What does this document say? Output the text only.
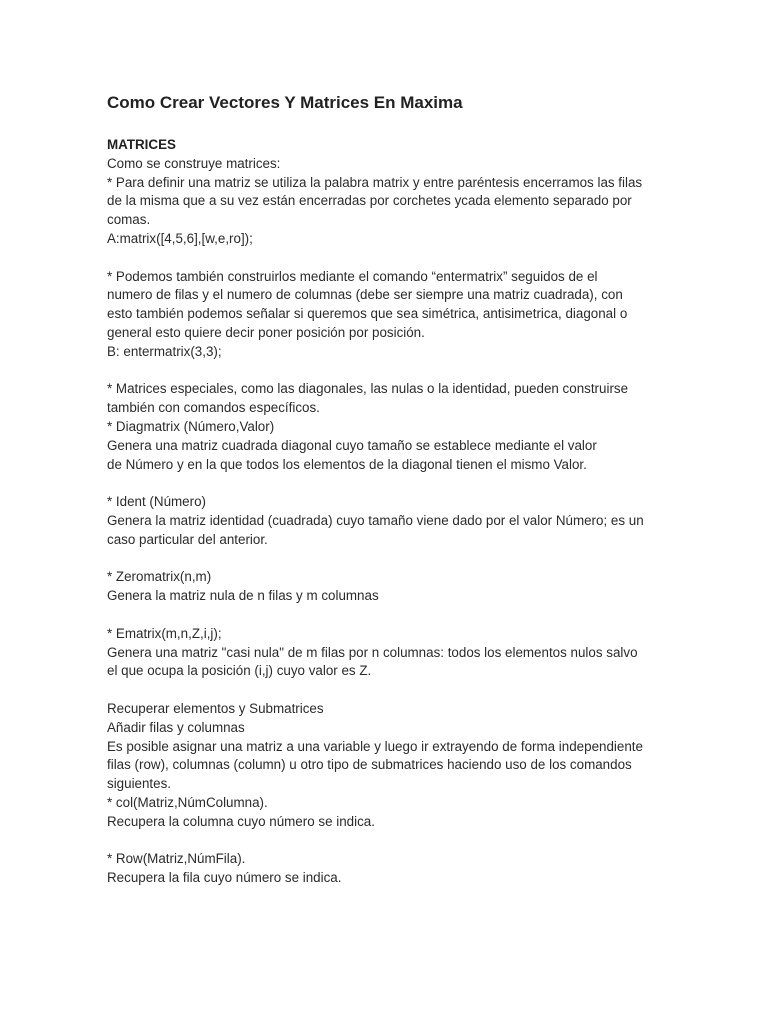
Como Crear Vectores Y Matrices En Maxima
MATRICES
Como se construye matrices:
* Para definir una matriz se utiliza la palabra matrix y entre paréntesis encerramos las filas
de la misma que a su vez están encerradas por corchetes ycada elemento separado por
comas.
A:matrix([4,5,6],[w,e,ro]);
* Podemos también construirlos mediante el comando “entermatrix” seguidos de el
numero de filas y el numero de columnas (debe ser siempre una matriz cuadrada), con
esto también podemos señalar si queremos que sea simétrica, antisimetrica, diagonal o
general esto quiere decir poner posición por posición.
B: entermatrix(3,3);
* Matrices especiales, como las diagonales, las nulas o la identidad, pueden construirse
también con comandos específicos.
* Diagmatrix (Número,Valor)
Genera una matriz cuadrada diagonal cuyo tamaño se establece mediante el valor
de Número y en la que todos los elementos de la diagonal tienen el mismo Valor.
* Ident (Número)
Genera la matriz identidad (cuadrada) cuyo tamaño viene dado por el valor Número; es un
caso particular del anterior.
* Zeromatrix(n,m)
Genera la matriz nula de n filas y m columnas
* Ematrix(m,n,Z,i,j);
Genera una matriz "casi nula" de m filas por n columnas: todos los elementos nulos salvo
el que ocupa la posición (i,j) cuyo valor es Z.
Recuperar elementos y Submatrices
Añadir filas y columnas
Es posible asignar una matriz a una variable y luego ir extrayendo de forma independiente
filas (row), columnas (column) u otro tipo de submatrices haciendo uso de los comandos
siguientes.
* col(Matriz,NúmColumna).
Recupera la columna cuyo número se indica.
* Row(Matriz,NúmFila).
Recupera la fila cuyo número se indica.
